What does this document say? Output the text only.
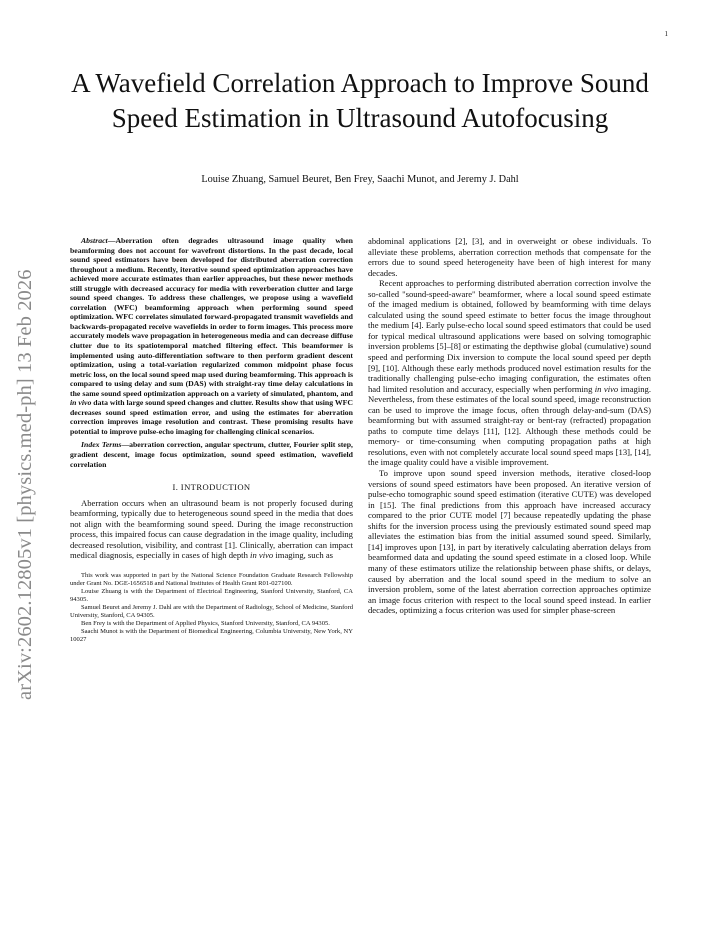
1
arXiv:2602.12805v1 [physics.med-ph] 13 Feb 2026
A Wavefield Correlation Approach to Improve Sound Speed Estimation in Ultrasound Autofocusing

Louise Zhuang, Samuel Beuret, Ben Frey, Saachi Munot, and Jeremy J. Dahl

Abstract—Aberration often degrades ultrasound image quality when beamforming does not account for wavefront distortions. In the past decade, local sound speed estimators have been developed for distributed aberration correction throughout a medium. Recently, iterative sound speed optimization approaches have achieved more accurate estimates than earlier approaches, but these newer methods still struggle with decreased accuracy for media with reverberation clutter and large sound speed changes. To address these challenges, we propose using a wavefield correlation (WFC) beamforming approach when performing sound speed optimization. WFC correlates simulated forward-propagated transmit wavefields and backwards-propagated receive wavefields in order to form images. This process more accurately models wave propagation in heterogeneous media and can decrease diffuse clutter due to its spatiotemporal matched filtering effect. This beamformer is implemented using auto-differentiation software to then perform gradient descent optimization, using a total-variation regularized common midpoint phase focus metric loss, on the local sound speed map used during beamforming. This approach is compared to using delay and sum (DAS) with straight-ray time delay calculations in the same sound speed optimization approach on a variety of simulated, phantom, and in vivo data with large sound speed changes and clutter. Results show that using WFC decreases sound speed estimation error, and using the estimates for aberration correction improves image resolution and contrast. These promising results have potential to improve pulse-echo imaging for challenging clinical scenarios.

Index Terms—aberration correction, angular spectrum, clutter, Fourier split step, gradient descent, image focus optimization, sound speed estimation, wavefield correlation

I. INTRODUCTION

Aberration occurs when an ultrasound beam is not properly focused during beamforming, typically due to heterogeneous sound speed in the media that does not align with the beamforming sound speed. During the image reconstruction process, this impaired focus can cause degradation in the image quality, including decreased resolution, visibility, and contrast [1]. Clinically, aberration can impact medical diagnosis, especially in cases of high depth in vivo imaging, such as

This work was supported in part by the National Science Foundation Graduate Research Fellowship under Grant No. DGE-1656518 and National Institutes of Health Grant R01-027100.

Louise Zhuang is with the Department of Electrical Engineering, Stanford University, Stanford, CA 94305.

Samuel Beuret and Jeremy J. Dahl are with the Department of Radiology, School of Medicine, Stanford University, Stanford, CA 94305.

Ben Frey is with the Department of Applied Physics, Stanford University, Stanford, CA 94305.

Saachi Munot is with the Department of Biomedical Engineering, Columbia University, New York, NY 10027

abdominal applications [2], [3], and in overweight or obese individuals. To alleviate these problems, aberration correction methods that compensate for the errors due to sound speed heterogeneity have been of high interest for many decades.

Recent approaches to performing distributed aberration correction involve the so-called "sound-speed-aware" beamformer, where a local sound speed estimate of the imaged medium is obtained, followed by beamforming with time delays calculated using the sound speed estimate to better focus the image throughout the medium [4]. Early pulse-echo local sound speed estimators that could be used for typical medical ultrasound applications were based on solving tomographic inversion problems [5]–[8] or estimating the depthwise global (cumulative) sound speed and performing Dix inversion to compute the local sound speed per depth [9], [10]. Although these early methods produced novel estimation results for the traditionally challenging pulse-echo imaging configuration, the estimates often had limited resolution and accuracy, especially when performing in vivo imaging. Nevertheless, from these estimates of the local sound speed, image reconstruction can be used to improve the image focus, often through delay-and-sum (DAS) beamforming but with assumed straight-ray or bent-ray (refracted) propagation paths to compute time delays [11], [12]. Although these methods could be memory- or time-consuming when computing propagation paths at high resolutions, even with not completely accurate local sound speed maps [13], [14], the image quality could have a visible improvement.

To improve upon sound speed inversion methods, iterative closed-loop versions of sound speed estimators have been proposed. An iterative version of pulse-echo tomographic sound speed estimation (iterative CUTE) was developed in [15]. The final predictions from this approach have increased accuracy compared to the prior CUTE model [7] because repeatedly updating the phase shifts for the inversion process using the previously estimated sound speed map alleviates the estimation bias from the initial assumed sound speed. Similarly, [14] improves upon [13], in part by iteratively calculating aberration delays from beamformed data and updating the sound speed estimate in a closed loop. While many of these estimators utilize the relationship between phase shifts, or delays, caused by aberration and the local sound speed in the medium to solve an inversion problem, some of the latest aberration correction approaches optimize an image focus criterion with respect to the local sound speed instead. In earlier decades, optimizing a focus criterion was used for simpler phase-screen
